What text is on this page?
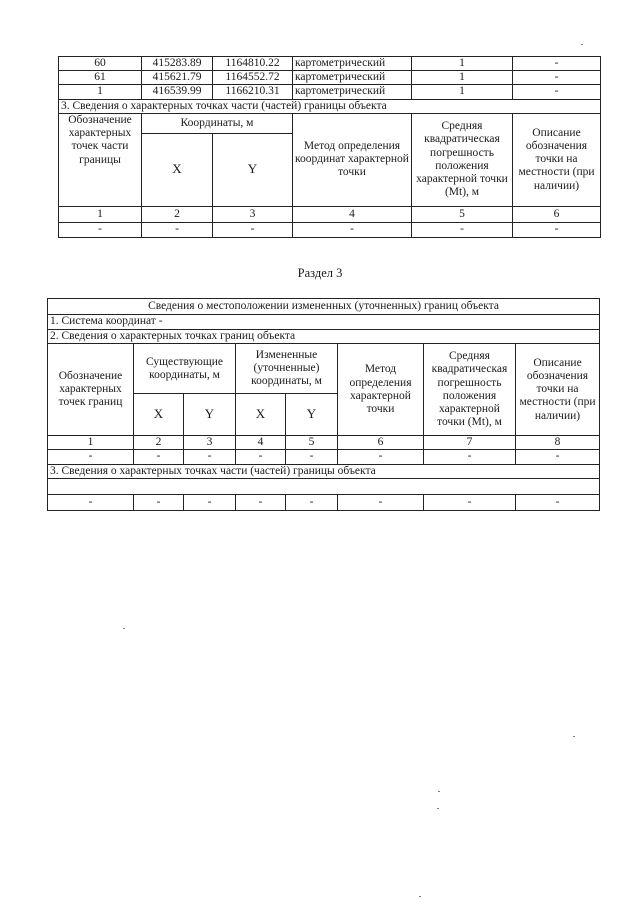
60	415283.89	1164810.22	картометрический	1	-
61	415621.79	1164552.72	картометрический	1	-
1	416539.99	1166210.31	картометрический	1	-
3. Сведения о характерных точках части (частей) границы объекта					
Обозначение характерных точек части границы	Координаты, м		Метод определения координат характерной точки	Средняя квадратическая погрешность положения характерной точки (Mt), м	Описание обозначения точки на местности (при наличии)
	X	Y			
1	2	3	4	5	6
-	-	-	-	-	-
Раздел 3
Сведения о местоположении измененных (уточненных) границ объекта							
1. Система координат -							
2. Сведения о характерных точках границ объекта							
Обозначение характерных точек границ	Существующие координаты, м		Измененные (уточненные) координаты, м		Метод определения характерной точки	Средняя квадратическая погрешность положения характерной точки (Mt), м	Описание обозначения точки на местности (при наличии)
	X	Y	X	Y			
1	2	3	4	5	6	7	8
-	-	-	-	-	-	-	-
3. Сведения о характерных точках части (частей) границы объекта							

-	-	-	-	-	-	-	-
